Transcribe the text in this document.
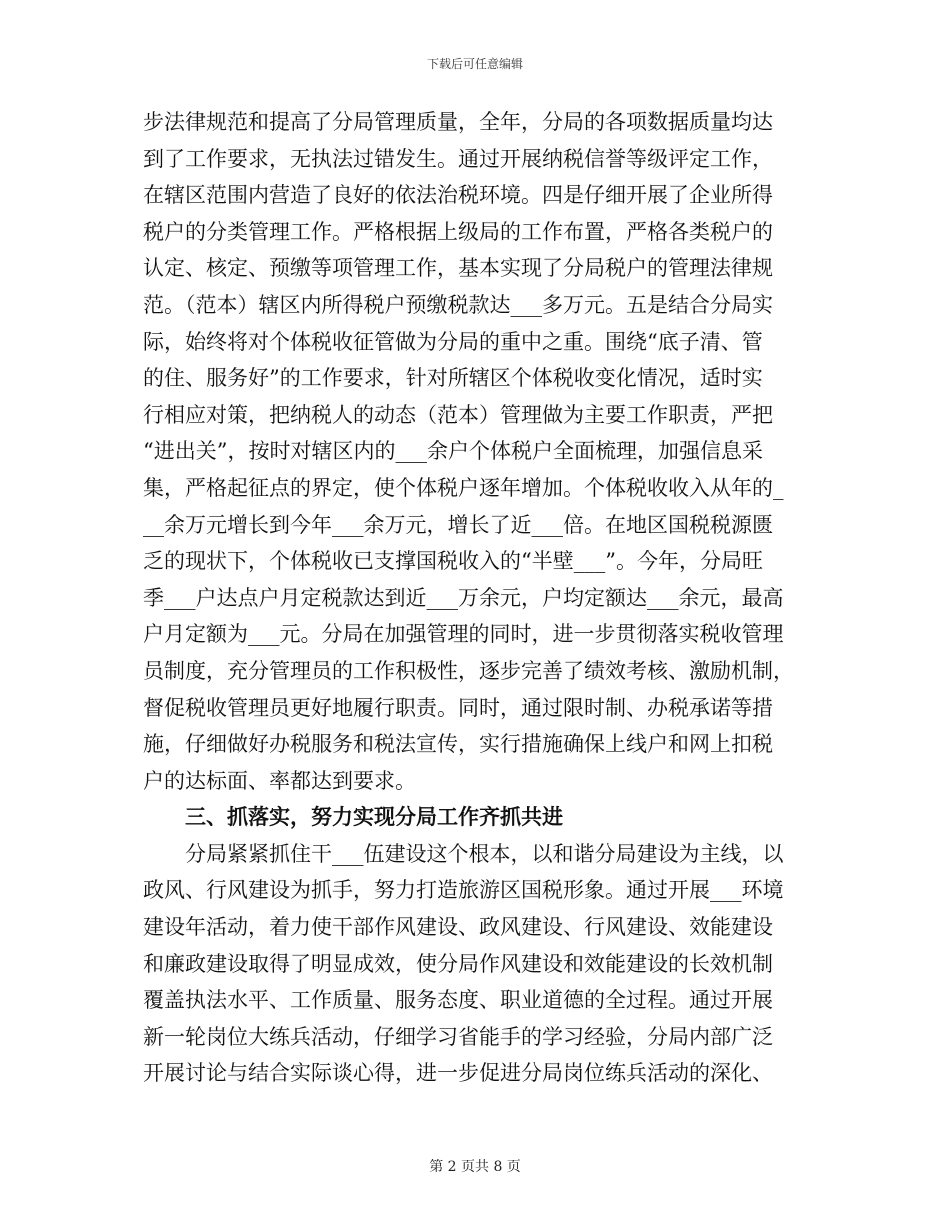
下载后可任意编辑
步法律规范和提高了分局管理质量，全年，分局的各项数据质量均达
到了工作要求，无执法过错发生。通过开展纳税信誉等级评定工作，
在辖区范围内营造了良好的依法治税环境。四是仔细开展了企业所得
税户的分类管理工作。严格根据上级局的工作布置，严格各类税户的
认定、核定、预缴等项管理工作，基本实现了分局税户的管理法律规
范。（范本）辖区内所得税户预缴税款达___多万元。五是结合分局实
际，始终将对个体税收征管做为分局的重中之重。围绕“底子清、管
的住、服务好”的工作要求，针对所辖区个体税收变化情况，适时实
行相应对策，把纳税人的动态（范本）管理做为主要工作职责，严把
“进出关”，按时对辖区内的___余户个体税户全面梳理，加强信息采
集，严格起征点的界定，使个体税户逐年增加。个体税收收入从年的_
__余万元增长到今年___余万元，增长了近___倍。在地区国税税源匮
乏的现状下，个体税收已支撑国税收入的“半壁___”。今年，分局旺
季___户达点户月定税款达到近___万余元，户均定额达___余元，最高
户月定额为___元。分局在加强管理的同时，进一步贯彻落实税收管理
员制度，充分管理员的工作积极性，逐步完善了绩效考核、激励机制，
督促税收管理员更好地履行职责。同时，通过限时制、办税承诺等措
施，仔细做好办税服务和税法宣传，实行措施确保上线户和网上扣税
户的达标面、率都达到要求。
三、抓落实，努力实现分局工作齐抓共进
分局紧紧抓住干___伍建设这个根本，以和谐分局建设为主线，以
政风、行风建设为抓手，努力打造旅游区国税形象。通过开展___环境
建设年活动，着力使干部作风建设、政风建设、行风建设、效能建设
和廉政建设取得了明显成效，使分局作风建设和效能建设的长效机制
覆盖执法水平、工作质量、服务态度、职业道德的全过程。通过开展
新一轮岗位大练兵活动，仔细学习省能手的学习经验，分局内部广泛
开展讨论与结合实际谈心得，进一步促进分局岗位练兵活动的深化、
第 2 页共 8 页
